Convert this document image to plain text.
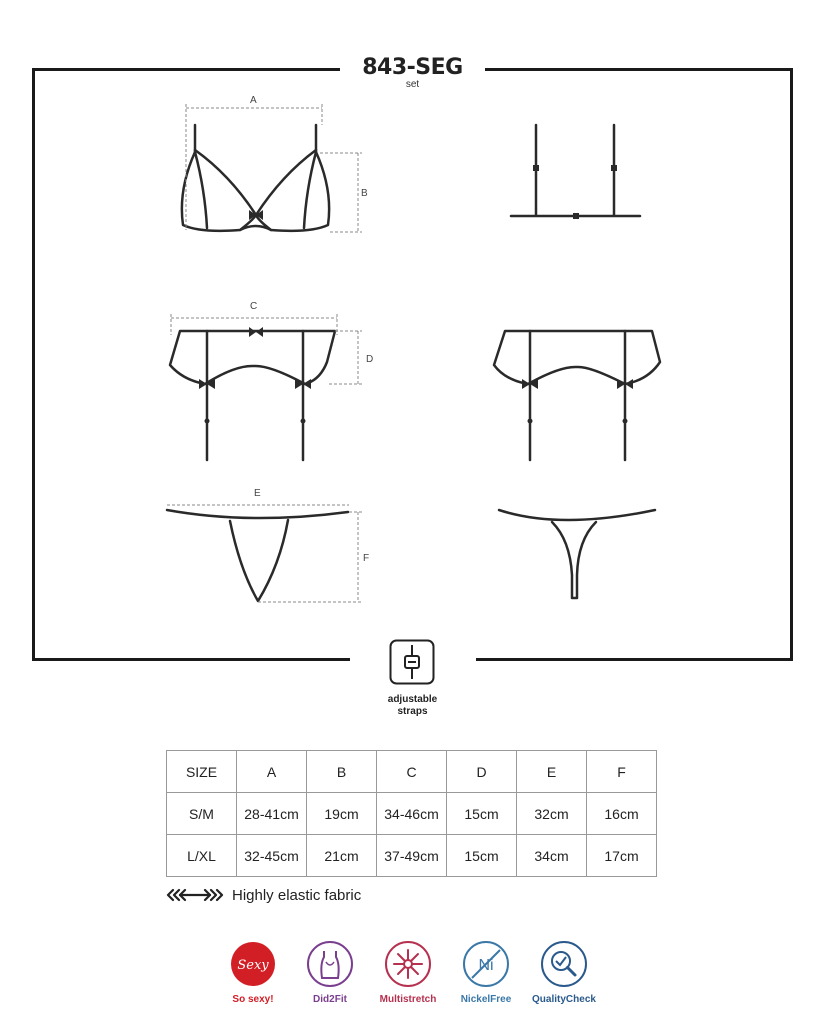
843-SEG
set
A
B
C
D
E
F
adjustable
straps
SIZE	A	B	C	D	E	F
S/M	28-41cm	19cm	34-46cm	15cm	32cm	16cm
L/XL	32-45cm	21cm	37-49cm	15cm	34cm	17cm
Highly elastic fabric
Sexy
So sexy!	Did2Fit	Multistretch
Ni
NickelFree	QualityCheck
